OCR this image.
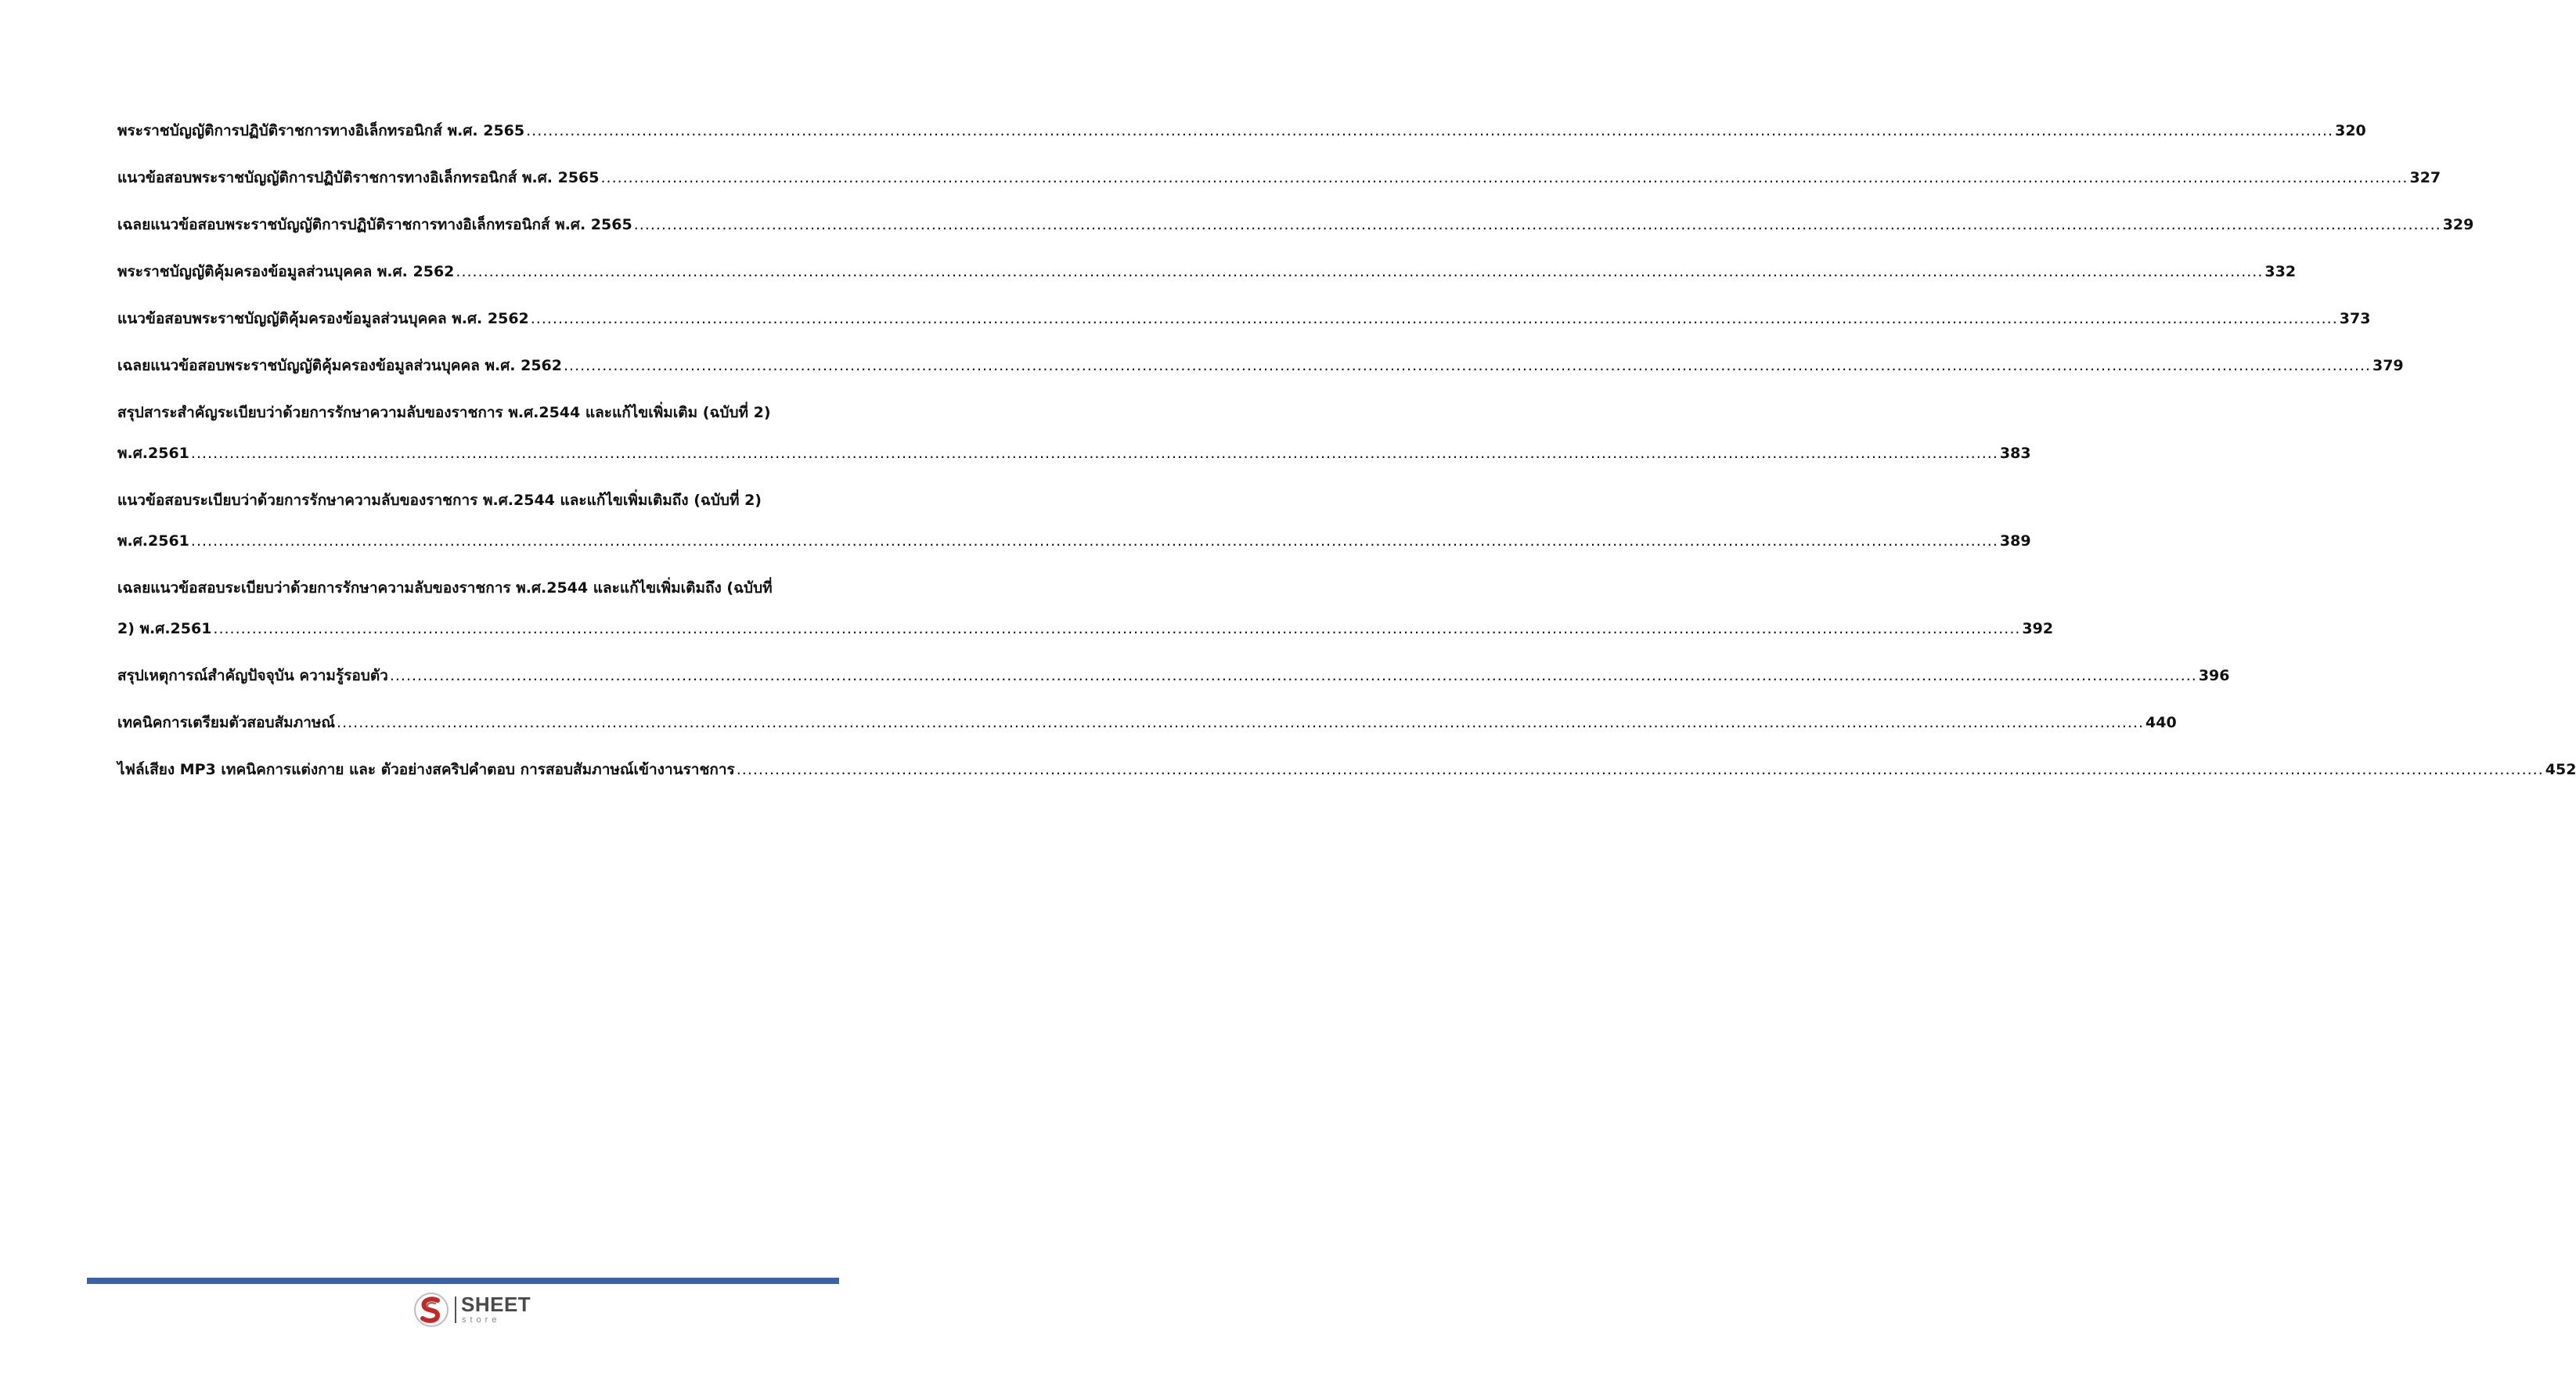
พระราชบัญญัติการปฏิบัติราชการทางอิเล็กทรอนิกส์ พ.ศ. 2565 .....	320
แนวข้อสอบพระราชบัญญัติการปฏิบัติราชการทางอิเล็กทรอนิกส์ พ.ศ. 2565 .....	327
เฉลยแนวข้อสอบพระราชบัญญัติการปฏิบัติราชการทางอิเล็กทรอนิกส์ พ.ศ. 2565 .....	329
พระราชบัญญัติคุ้มครองข้อมูลส่วนบุคคล พ.ศ. 2562 .....	332
แนวข้อสอบพระราชบัญญัติคุ้มครองข้อมูลส่วนบุคคล พ.ศ. 2562 .....	373
เฉลยแนวข้อสอบพระราชบัญญัติคุ้มครองข้อมูลส่วนบุคคล พ.ศ. 2562 .....	379
สรุปสาระสำคัญระเบียบว่าด้วยการรักษาความลับของราชการ พ.ศ.2544 และแก้ไขเพิ่มเติม (ฉบับที่ 2)
พ.ศ.2561 .....	383
แนวข้อสอบระเบียบว่าด้วยการรักษาความลับของราชการ พ.ศ.2544 และแก้ไขเพิ่มเติมถึง (ฉบับที่ 2)
พ.ศ.2561 .....	389
เฉลยแนวข้อสอบระเบียบว่าด้วยการรักษาความลับของราชการ พ.ศ.2544 และแก้ไขเพิ่มเติมถึง (ฉบับที่
2) พ.ศ.2561 .....	392
สรุปเหตุการณ์สำคัญปัจจุบัน ความรู้รอบตัว .....	396
เทคนิคการเตรียมตัวสอบสัมภาษณ์ .....	440
ไฟล์เสียง MP3 เทคนิคการแต่งกาย และ ตัวอย่างสคริปคำตอบ การสอบสัมภาษณ์เข้างานราชการ .....	452
SHEET
store
